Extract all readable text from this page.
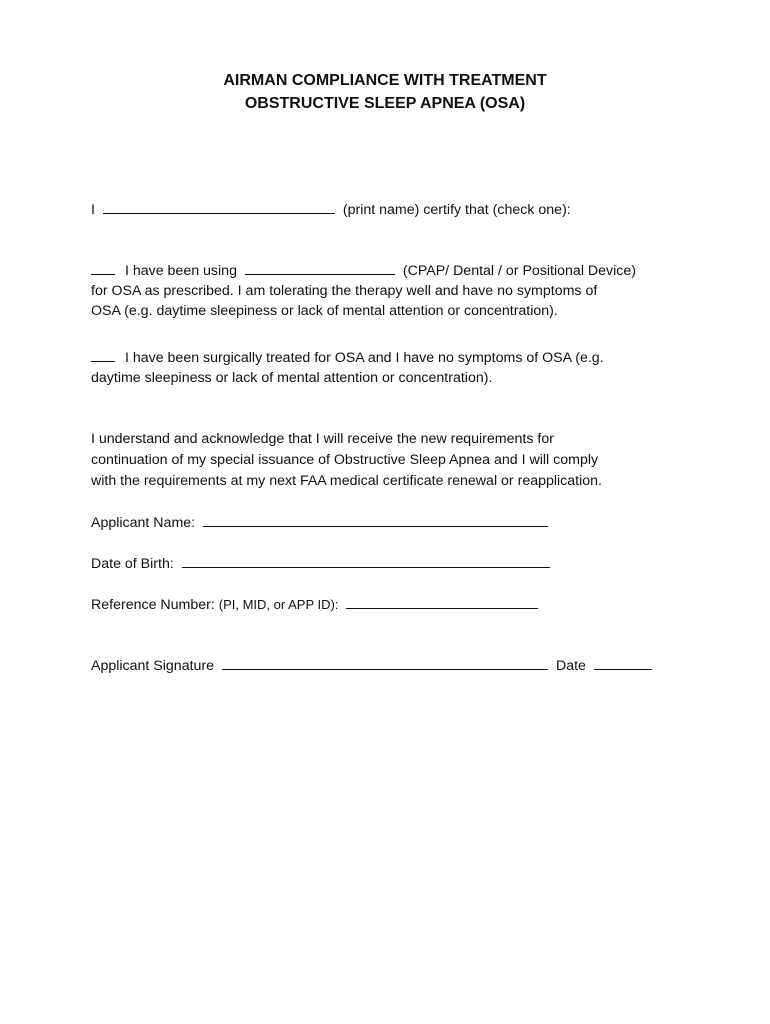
AIRMAN COMPLIANCE WITH TREATMENT
OBSTRUCTIVE SLEEP APNEA (OSA)
I	(print name) certify that (check one):
I have been using	(CPAP/ Dental / or Positional Device)
for OSA as prescribed. I am tolerating the therapy well and have no symptoms of
OSA (e.g. daytime sleepiness or lack of mental attention or concentration).
I have been surgically treated for OSA and I have no symptoms of OSA (e.g.
daytime sleepiness or lack of mental attention or concentration).
I understand and acknowledge that I will receive the new requirements for
continuation of my special issuance of Obstructive Sleep Apnea and I will comply
with the requirements at my next FAA medical certificate renewal or reapplication.
Applicant Name:
Date of Birth:
Reference Number: (PI, MID, or APP ID):
Applicant Signature	Date
